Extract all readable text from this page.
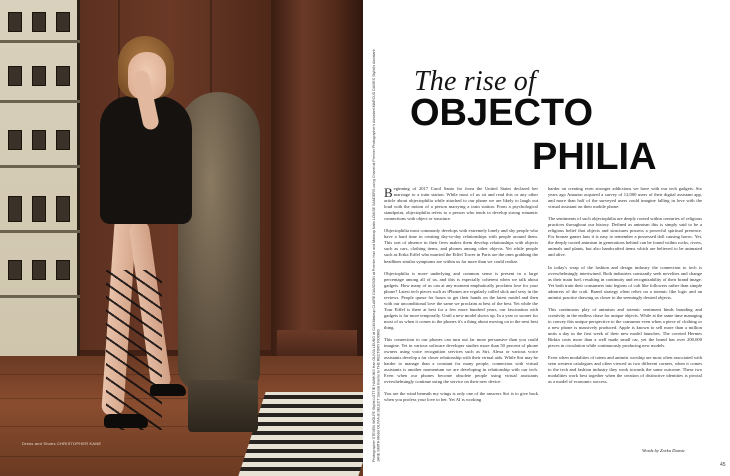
Dress and Shoes CHRISTOPHER KANE	Photographer STEVEN WOLFE Stylist LOTTIE HAWKINS Hair OLIVIA LEUNG at CLM Makeup CLAIRE DAVIDSON at Premier Hair and Makeup Nails LOUISE SANDERS using Chanel at Premier Photographer's Assistant MARCUS DAVIES Stylist's Assistant JANE SMITH Model OLIVIA at SELECT Special thanks to THE RECTORY ROOMS
The rise of
OBJECTO
PHILIA

Beginning of 2017 Carol Santo fro from the United States declared her marriage to a train station. While most of us sit and read this or any other article about objectophilia while attached to our phone we are likely to laugh out loud with the notion of a person marrying a train station. From a psychological standpoint, objectophilia refers to a person who tends to develop strong romantic connections with object or structure.

Objectophilia most commonly develops with extremely lonely and shy people who have a hard time in creating day-to-day relationships with people around them. This sort of absence in their lives makes them develop relationships with objects such as cars, clothing items, and phones among other objects. Yet while people such as Erika Eiffel who married the Eiffel Tower in Paris are the ones grabbing the headlines similar symptoms are within us far more than we could realize.

Objectophilia is more underlying and common sense is present in a large percentage among all of us, and this is especially coherent when we talk about gadgets. How many of us can at any moment emphatically proclaim love for your phone? Latest tech pieces such as iPhones are regularly called slick and sexy in the reviews. People queue for hours to get their hands on the latest model and then with our unconditional love the same we proclaim at best of the best. Yet while the Tour Eiffel is there at best for a few more hundred years, our fascination with gadgets is far more temporally. Until a new model shows up. In a year or sooner for most of us when it comes to the phones it's a thing about moving on to the next best thing.

This connection to our phones can turn out far more persuasive than you could imagine. Yet in various software developer studies more than 50 percent of phone owners using voice recognition services such as Siri, Alexa or various voice assistants develop a far closer relationship with their virtual aids. While Siri may be harder to manage than a constant for many people, connection with virtual assistants is another momentum we are developing in relationship with our tech. Even when our phones become obsolete people using virtual assistants overwhelmingly continue using the service on their new device.

You are the wind beneath my wings is only one of the answers Siri is to give back when you profess your love to her. Yet AI is working

harder on creating even stronger addictions we have with our tech gadgets. Six years ago Amazon acquired a survey of 12,000 users of their digital assistant app, and more than half of the surveyed users could imagine falling in love with the virtual assistant on their mobile phone.

The sentiments of such objectophilia are deeply rooted within centuries of religious practices throughout our history. Defined as animism this is simply said to be a religious belief that objects and structures possess a powerful spiritual presence. For bronze gamer fans it is easy to remember a possessed doll causing havoc. Yet, the deeply rooted animism in generations behind can be found within rocks, rivers, animals and plants, but also handcrafted items which are believed to be animated and alive.

In today's wrap of the fashion and design industry the connection to tech is overwhelmingly intertwined. Both industries constantly seek novelties and change as their main fuel, resulting in continuity and recognizability of their brand image. Yet both train their consumers into legions of cult like followers rather than simple admirers of the craft. Brand strategy often relies on a totemic like logic and an animist practice drawing us closer to the seemingly desired objects.

This continuous play of animism and totemic sentiment binds branding and creativity in the endless chase for unique objects. While at the same time managing to convey this unique perspective to the consumer even when a piece of clothing or a new phone is massively produced. Apple is known to sell more than a million units a day in the first week of their new model launches. The coveted Hermes Birkin costs more than a well made small car, yet the brand has over 200,000 pieces in circulation while continuously producing new models.

Even when modalities of totem and animist worship are most often associated with seen western catalogues and often viewed as two different corners, when it comes to the tech and fashion industry they work towards the same outcome. These two modalities work best together when the creation of distinctive identities is pivotal as a model of economic success.

Words by Zorka Dunsic
45
